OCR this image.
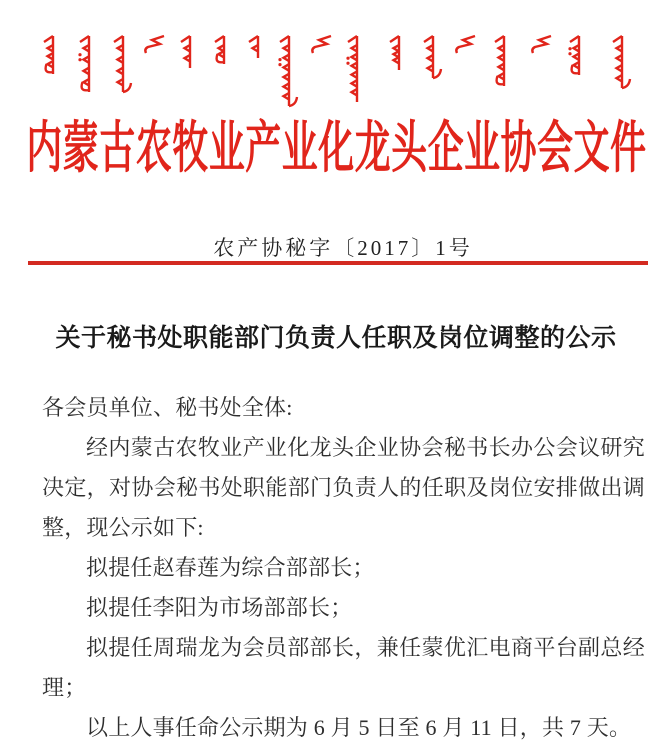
内蒙古农牧业产业化龙头企业协会文件
农产协秘字〔2017〕1号
关于秘书处职能部门负责人任职及岗位调整的公示
各会员单位、秘书处全体:
经内蒙古农牧业产业化龙头企业协会秘书长办公会议研究
决定，对协会秘书处职能部门负责人的任职及岗位安排做出调
整，现公示如下:
拟提任赵春莲为综合部部长；
拟提任李阳为市场部部长；
拟提任周瑞龙为会员部部长，兼任蒙优汇电商平台副总经
理；
以上人事任命公示期为 6 月 5 日至 6 月 11 日，共 7 天。
